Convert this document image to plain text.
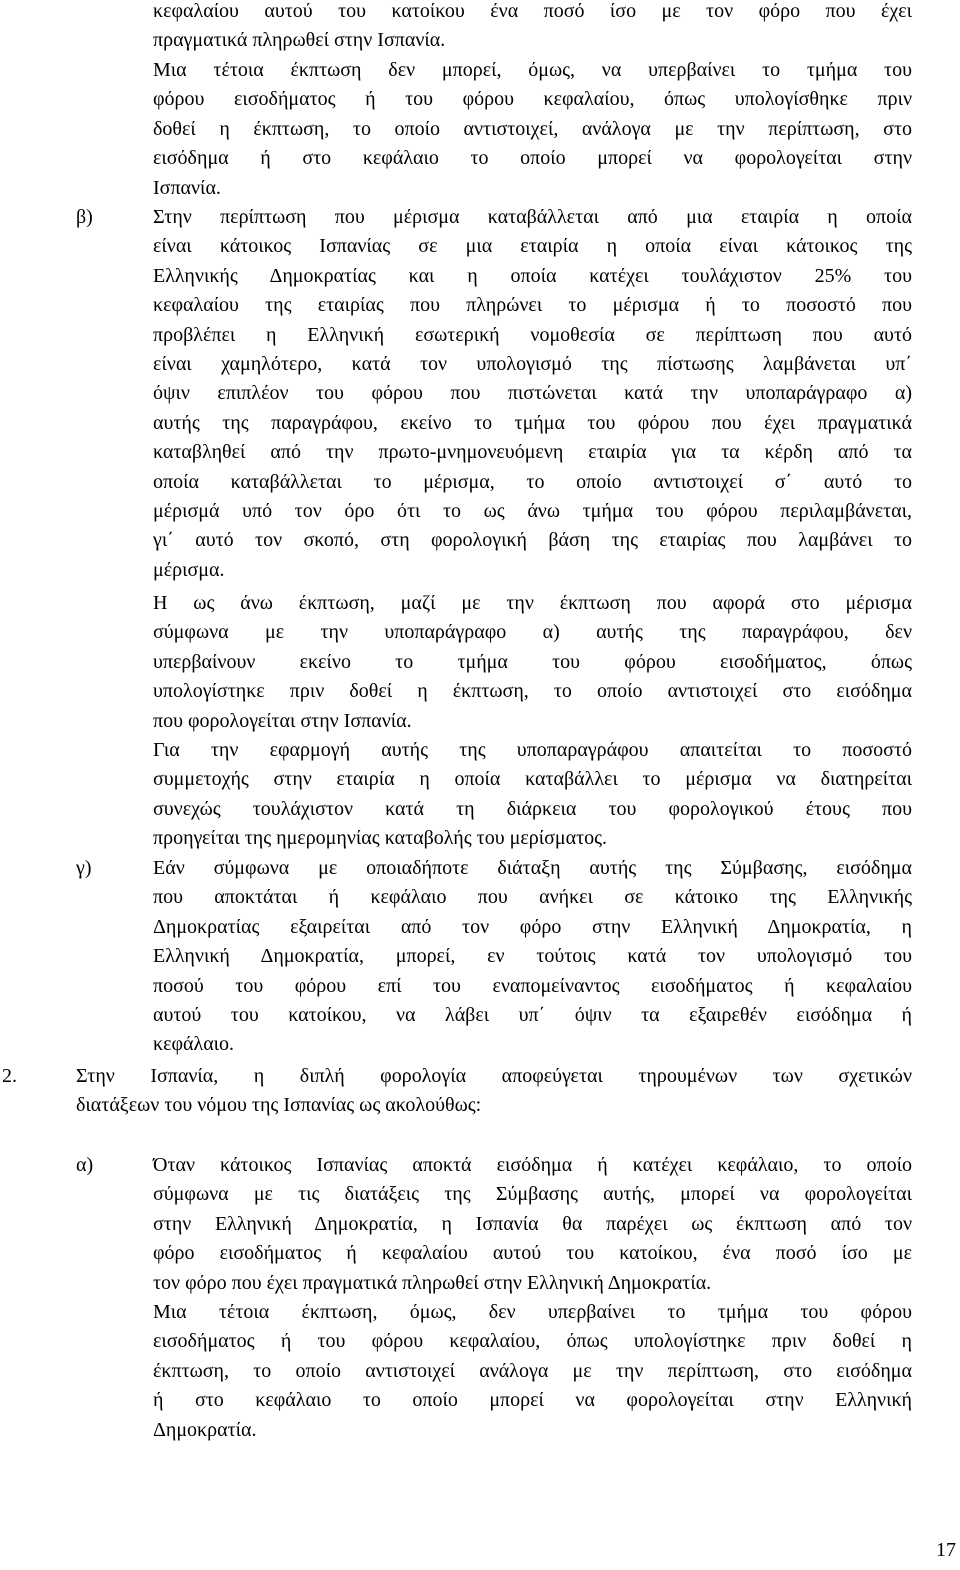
κεφαλαίου αυτού του κατοίκου ένα ποσό ίσο με τον φόρο που έχει
πραγματικά πληρωθεί στην Ισπανία.
Μια τέτοια έκπτωση δεν μπορεί, όμως, να υπερβαίνει το τμήμα του
φόρου εισοδήματος ή του φόρου κεφαλαίου, όπως υπολογίσθηκε πριν
δοθεί η έκπτωση, το οποίο αντιστοιχεί, ανάλογα με την περίπτωση, στο
εισόδημα ή στο κεφάλαιο το οποίο μπορεί να φορολογείται στην
Ισπανία.
β)	Στην περίπτωση που μέρισμα καταβάλλεται από μια εταιρία η οποία
είναι κάτοικος Ισπανίας σε μια εταιρία η οποία είναι κάτοικος της
Ελληνικής Δημοκρατίας και η οποία κατέχει τουλάχιστον 25% του
κεφαλαίου της εταιρίας που πληρώνει το μέρισμα ή το ποσοστό που
προβλέπει η Ελληνική εσωτερική νομοθεσία σε περίπτωση που αυτό
είναι χαμηλότερο, κατά τον υπολογισμό της πίστωσης λαμβάνεται υπ΄
όψιν επιπλέον του φόρου που πιστώνεται κατά την υποπαράγραφο α)
αυτής της παραγράφου, εκείνο το τμήμα του φόρου που έχει πραγματικά
καταβληθεί από την πρωτο-μνημονευόμενη εταιρία για τα κέρδη από τα
οποία καταβάλλεται το μέρισμα, το οποίο αντιστοιχεί σ΄ αυτό το
μέρισμά υπό τον όρο ότι το ως άνω τμήμα του φόρου περιλαμβάνεται,
γι΄ αυτό τον σκοπό, στη φορολογική βάση της εταιρίας που λαμβάνει το
μέρισμα.
Η ως άνω έκπτωση, μαζί με την έκπτωση που αφορά στο μέρισμα
σύμφωνα με την υποπαράγραφο α) αυτής της παραγράφου, δεν
υπερβαίνουν εκείνο το τμήμα του φόρου εισοδήματος, όπως
υπολογίστηκε πριν δοθεί η έκπτωση, το οποίο αντιστοιχεί στο εισόδημα
που φορολογείται στην Ισπανία.
Για την εφαρμογή αυτής της υποπαραγράφου απαιτείται το ποσοστό
συμμετοχής στην εταιρία η οποία καταβάλλει το μέρισμα να διατηρείται
συνεχώς τουλάχιστον κατά τη διάρκεια του φορολογικού έτους που
προηγείται της ημερομηνίας καταβολής του μερίσματος.
γ)	Εάν σύμφωνα με οποιαδήποτε διάταξη αυτής της Σύμβασης, εισόδημα
που αποκτάται ή κεφάλαιο που ανήκει σε κάτοικο της Ελληνικής
Δημοκρατίας εξαιρείται από τον φόρο στην Ελληνική Δημοκρατία, η
Ελληνική Δημοκρατία, μπορεί, εν τούτοις κατά τον υπολογισμό του
ποσού του φόρου επί του εναπομείναντος εισοδήματος ή κεφαλαίου
αυτού του κατοίκου, να λάβει υπ΄ όψιν τα εξαιρεθέν εισόδημα ή
κεφάλαιο.
2.	Στην Ισπανία, η διπλή φορολογία αποφεύγεται τηρουμένων των σχετικών
διατάξεων του νόμου της Ισπανίας ως ακολούθως:
α)	Όταν κάτοικος Ισπανίας αποκτά εισόδημα ή κατέχει κεφάλαιο, το οποίο
σύμφωνα με τις διατάξεις της Σύμβασης αυτής, μπορεί να φορολογείται
στην Ελληνική Δημοκρατία, η Ισπανία θα παρέχει ως έκπτωση από τον
φόρο εισοδήματος ή κεφαλαίου αυτού του κατοίκου, ένα ποσό ίσο με
τον φόρο που έχει πραγματικά πληρωθεί στην Ελληνική Δημοκρατία.
Μια τέτοια έκπτωση, όμως, δεν υπερβαίνει το τμήμα του φόρου
εισοδήματος ή του φόρου κεφαλαίου, όπως υπολογίστηκε πριν δοθεί η
έκπτωση, το οποίο αντιστοιχεί ανάλογα με την περίπτωση, στο εισόδημα
ή στο κεφάλαιο το οποίο μπορεί να φορολογείται στην Ελληνική
Δημοκρατία.
17
